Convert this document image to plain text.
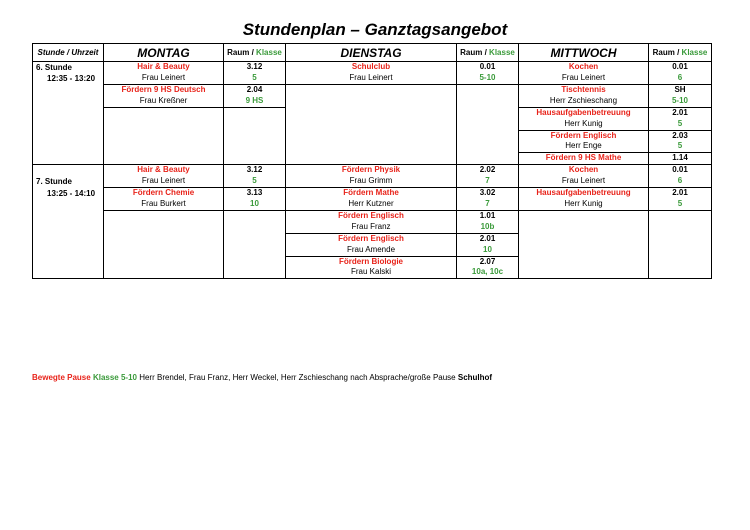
Stundenplan – Ganztagsangebot
Stunde / Uhrzeit	MONTAG	Raum / Klasse	DIENSTAG	Raum / Klasse	MITTWOCH	Raum / Klasse
6. Stunde	Hair & Beauty	3.12	Schulclub	0.01	Kochen	0.01
12:35 - 13:20	Frau Leinert	5	Frau Leinert	5-10	Frau Leinert	6
	Fördern 9 HS Deutsch	2.04			Tischtennis	SH
	Frau Kreßner	9 HS			Herr Zschieschang	5-10
					Hausaufgabenbetreuung	2.01
					Herr Kunig	5
					Fördern Englisch	2.03
					Herr Enge	5
					Fördern 9 HS Mathe	1.14
	Hair & Beauty	3.12	Fördern Physik	2.02	Kochen	0.01
7. Stunde	Frau Leinert	5	Frau Grimm	7	Frau Leinert	6
13:25 - 14:10	Fördern Chemie	3.13	Fördern Mathe	3.02	Hausaufgabenbetreuung	2.01
	Frau Burkert	10	Herr Kutzner	7	Herr Kunig	5
			Fördern Englisch	1.01		
			Frau Franz	10b		
			Fördern Englisch	2.01		
			Frau Amende	10		
			Fördern Biologie	2.07		
			Frau Kalski	10a, 10c		
Bewegte Pause Klasse 5-10 Herr Brendel, Frau Franz, Herr Weckel, Herr Zschieschang nach Absprache/große Pause Schulhof
